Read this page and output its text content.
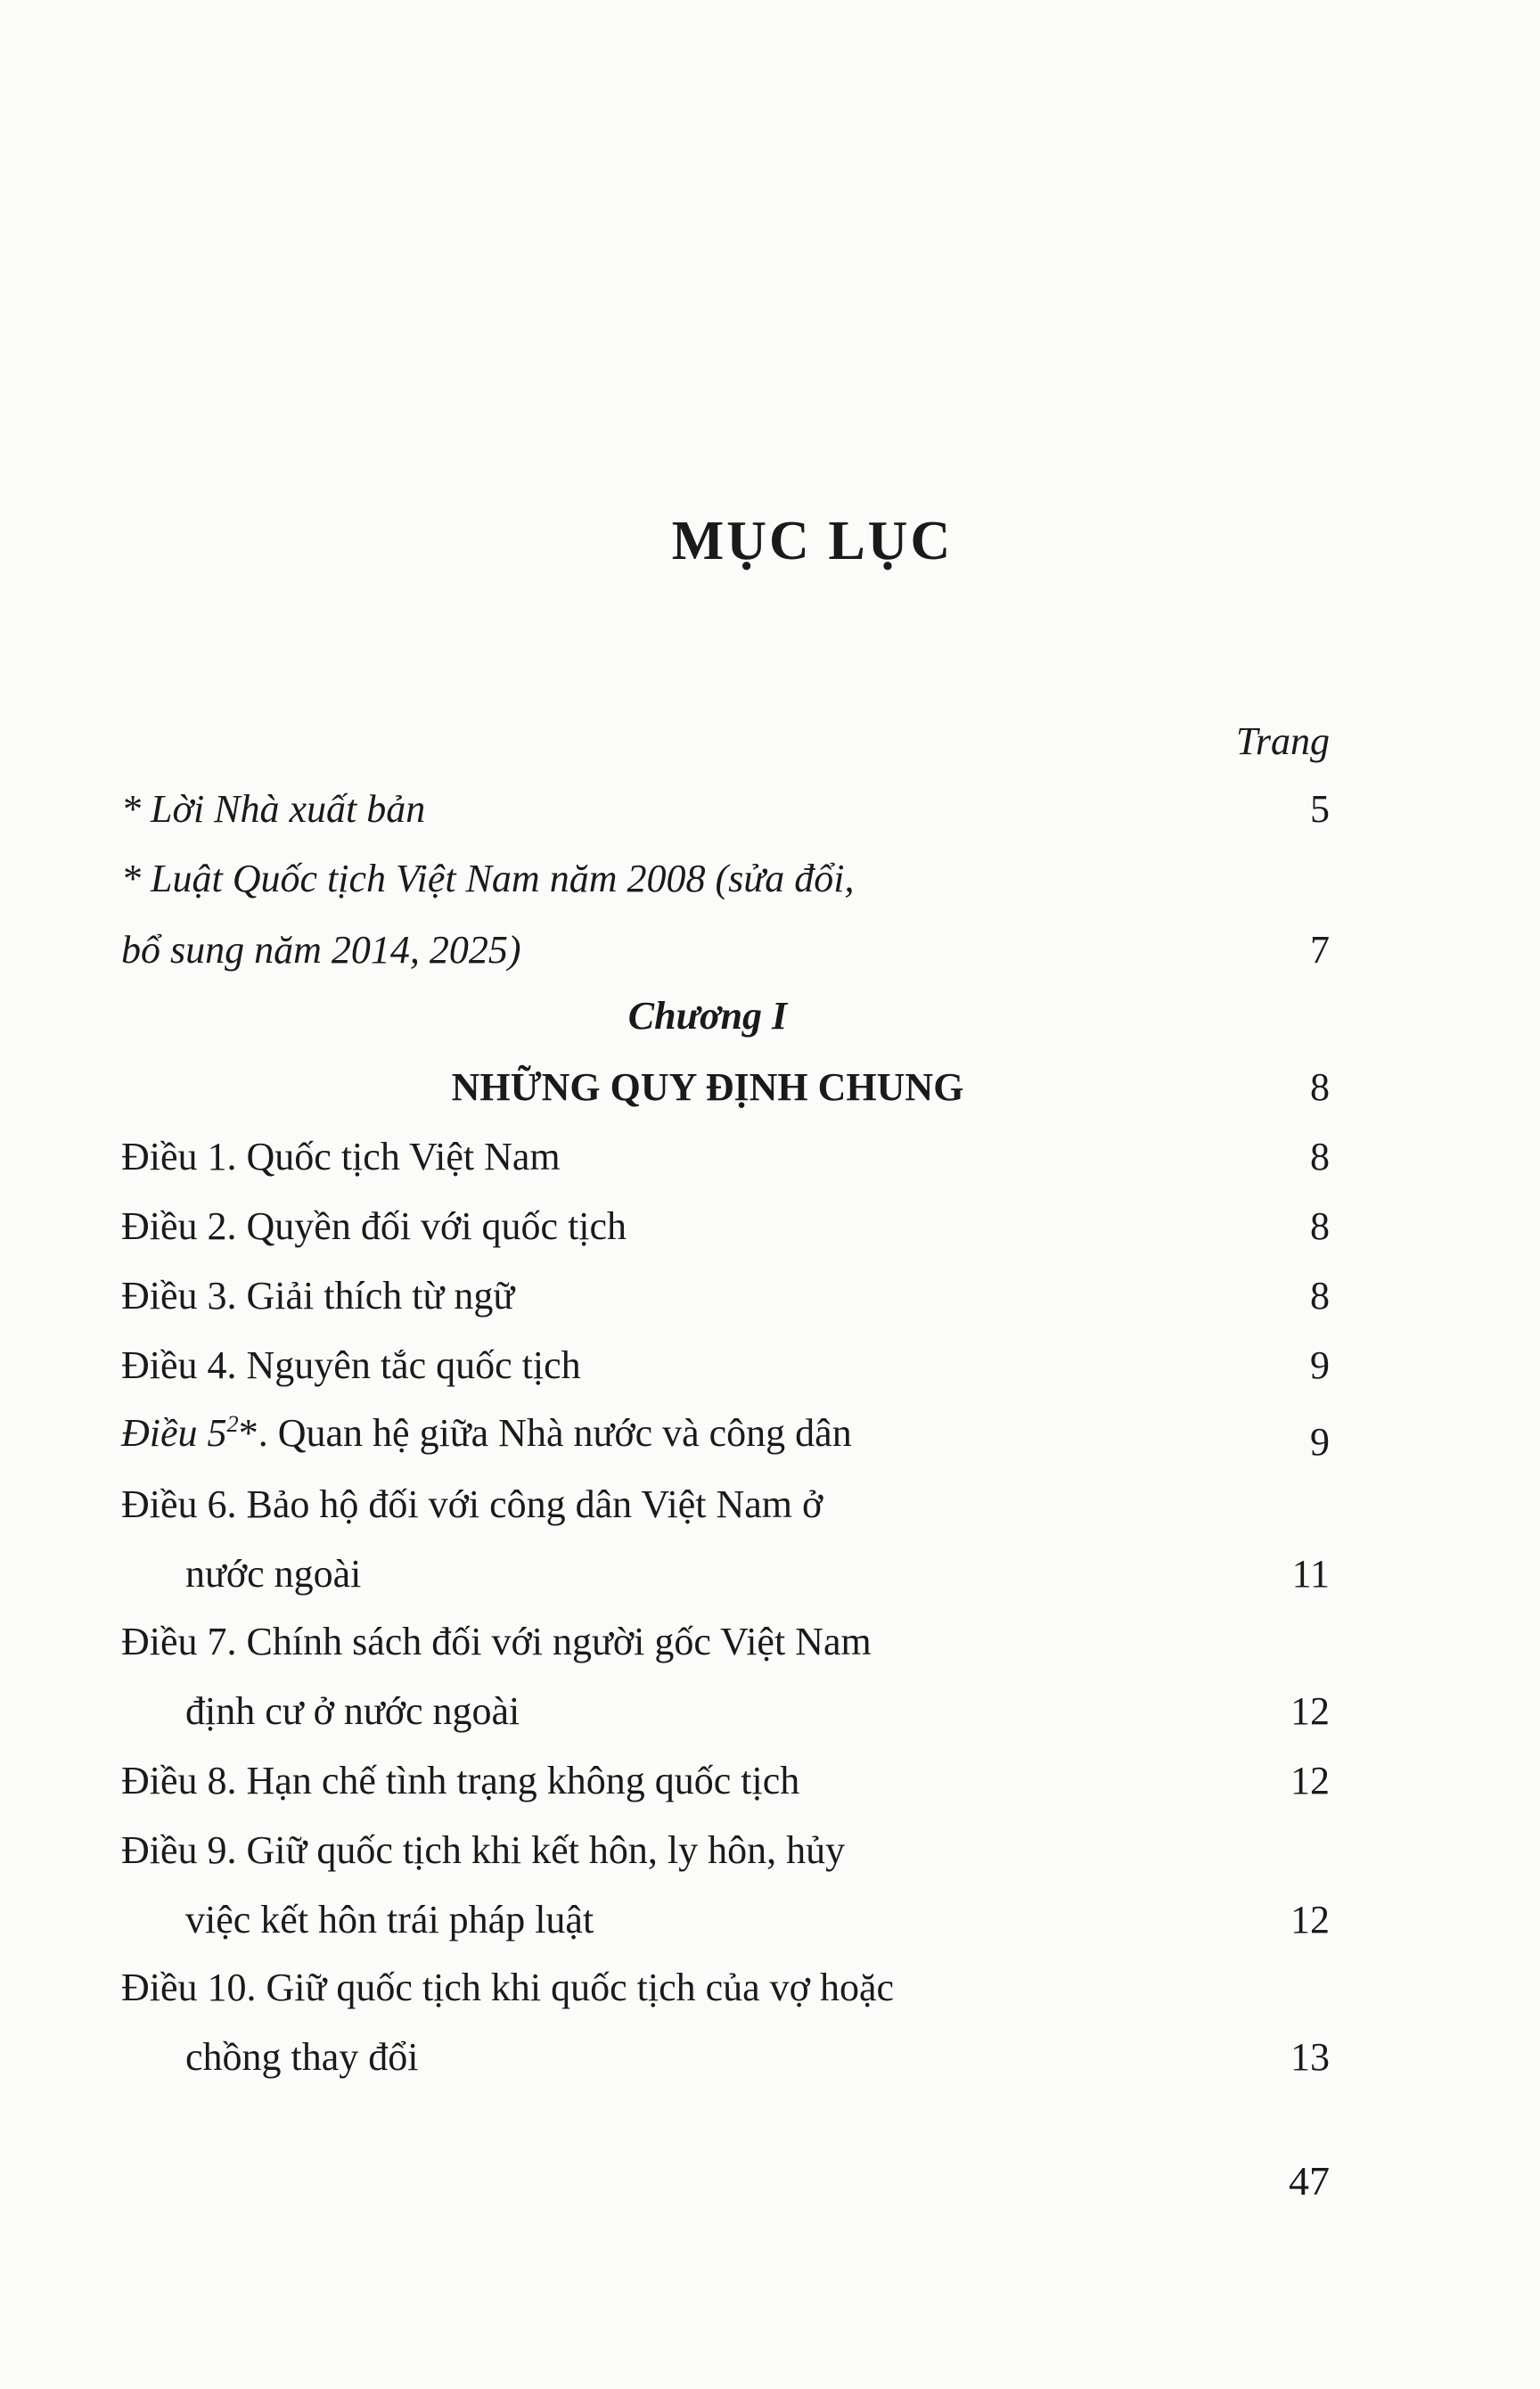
MỤC LỤC
Trang
* Lời Nhà xuất bản	5
* Luật Quốc tịch Việt Nam năm 2008 (sửa đổi,
bổ sung năm 2014, 2025)	7
Chương I
NHỮNG QUY ĐỊNH CHUNG	8
Điều 1. Quốc tịch Việt Nam	8
Điều 2. Quyền đối với quốc tịch	8
Điều 3. Giải thích từ ngữ	8
Điều 4. Nguyên tắc quốc tịch	9
Điều $5^2*$. Quan hệ giữa Nhà nước và công dân	9
Điều 6. Bảo hộ đối với công dân Việt Nam ở
nước ngoài	11
Điều 7. Chính sách đối với người gốc Việt Nam
định cư ở nước ngoài	12
Điều 8. Hạn chế tình trạng không quốc tịch	12
Điều 9. Giữ quốc tịch khi kết hôn, ly hôn, hủy
việc kết hôn trái pháp luật	12
Điều 10. Giữ quốc tịch khi quốc tịch của vợ hoặc
chồng thay đổi	13
47
